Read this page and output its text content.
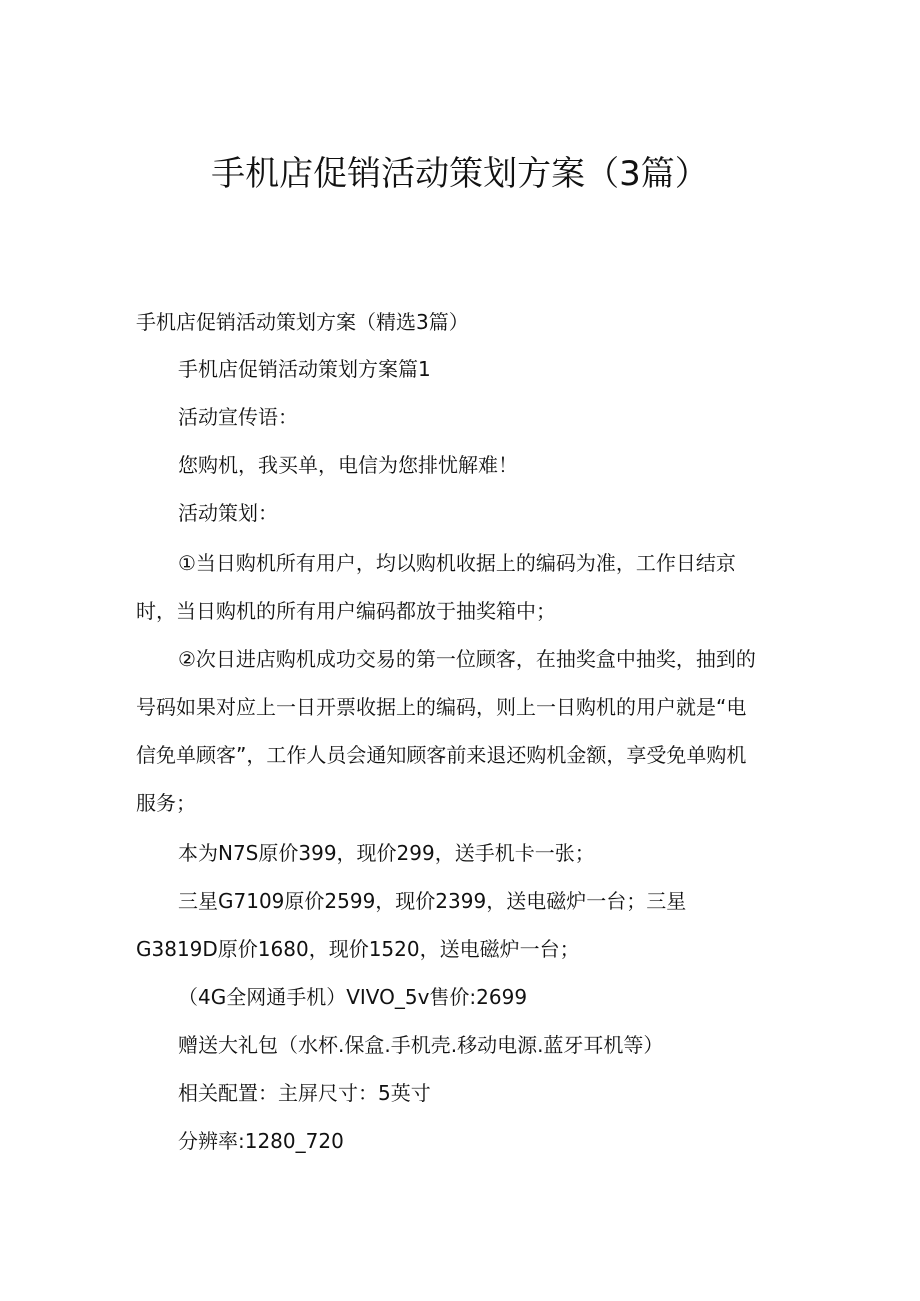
手机店促销活动策划方案（3篇）
手机店促销活动策划方案（精选3篇）
手机店促销活动策划方案篇1
活动宣传语：
您购机，我买单，电信为您排忧解难！
活动策划：
①当日购机所有用户，均以购机收据上的编码为准，工作日结京
时，当日购机的所有用户编码都放于抽奖箱中；
②次日进店购机成功交易的第一位顾客，在抽奖盒中抽奖，抽到的
号码如果对应上一日开票收据上的编码，则上一日购机的用户就是“电
信免单顾客”，工作人员会通知顾客前来退还购机金额，享受免单购机
服务；
本为N7S原价399，现价299，送手机卡一张；
三星G7109原价2599，现价2399，送电磁炉一台；三星
G3819D原价1680，现价1520，送电磁炉一台；
（4G全网通手机）VIVO_5v售价:2699
赠送大礼包（水杯.保盒.手机壳.移动电源.蓝牙耳机等）
相关配置：主屏尺寸：5英寸
分辨率:1280_720
